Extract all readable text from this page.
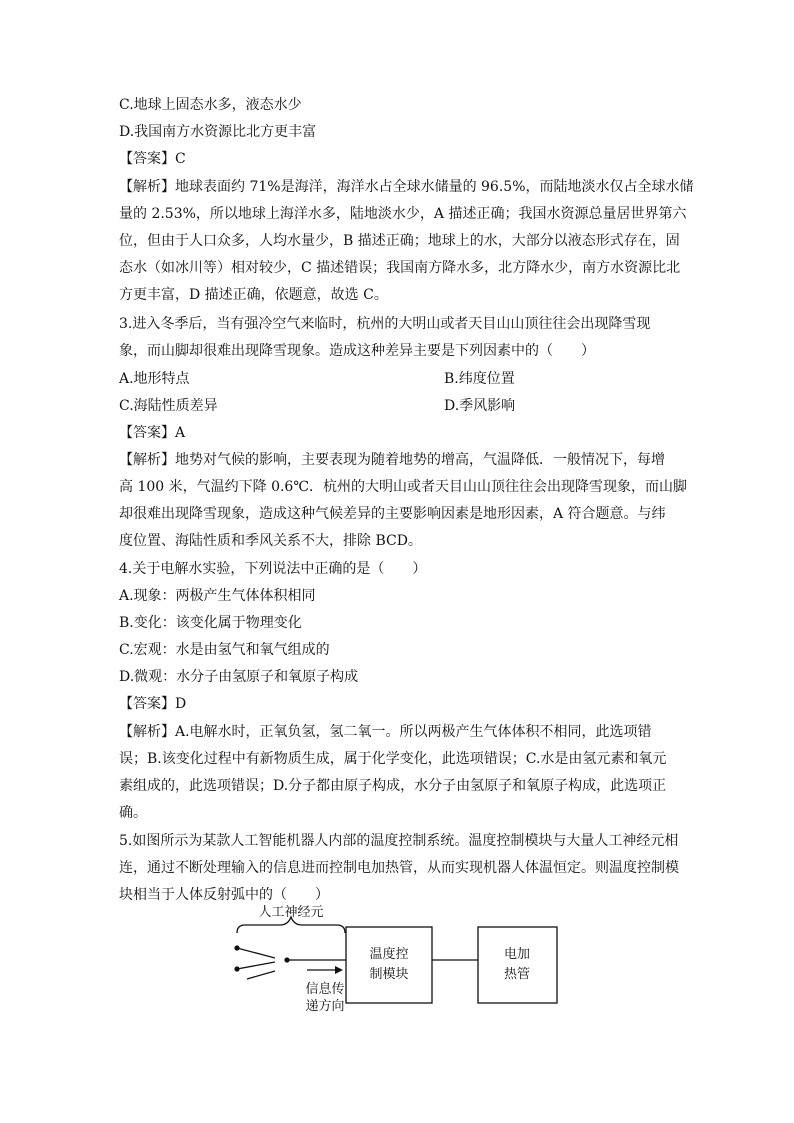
C.地球上固态水多，液态水少
D.我国南方水资源比北方更丰富
【答案】C
【解析】地球表面约 71%是海洋，海洋水占全球水储量的 96.5%，而陆地淡水仅占全球水储
量的 2.53%，所以地球上海洋水多，陆地淡水少，A 描述正确；我国水资源总量居世界第六
位，但由于人口众多，人均水量少，B 描述正确；地球上的水，大部分以液态形式存在，固
态水（如冰川等）相对较少，C 描述错误；我国南方降水多，北方降水少，南方水资源比北
方更丰富，D 描述正确，依题意，故选 C。
3.进入冬季后，当有强冷空气来临时，杭州的大明山或者天目山山顶往往会出现降雪现
象，而山脚却很难出现降雪现象。造成这种差异主要是下列因素中的（　　）
A.地形特点	B.纬度位置
C.海陆性质差异	D.季风影响
【答案】A
【解析】地势对气候的影响，主要表现为随着地势的增高，气温降低．一般情况下，每增
高 100 米，气温约下降 0.6℃．杭州的大明山或者天目山山顶往往会出现降雪现象，而山脚
却很难出现降雪现象，造成这种气候差异的主要影响因素是地形因素，A 符合题意。与纬
度位置、海陆性质和季风关系不大，排除 BCD。
4.关于电解水实验，下列说法中正确的是（　　）
A.现象：两极产生气体体积相同
B.变化：该变化属于物理变化
C.宏观：水是由氢气和氧气组成的
D.微观：水分子由氢原子和氧原子构成
【答案】D
【解析】A.电解水时，正氧负氢，氢二氧一。所以两极产生气体体积不相同，此选项错
误；B.该变化过程中有新物质生成，属于化学变化，此选项错误；C.水是由氢元素和氧元
素组成的，此选项错误；D.分子都由原子构成，水分子由氢原子和氧原子构成，此选项正
确。
5.如图所示为某款人工智能机器人内部的温度控制系统。温度控制模块与大量人工神经元相
连，通过不断处理输入的信息进而控制电加热管，从而实现机器人体温恒定。则温度控制模
块相当于人体反射弧中的（　　）
人工神经元
信息传
递方向
温度控
制模块
电加
热管
